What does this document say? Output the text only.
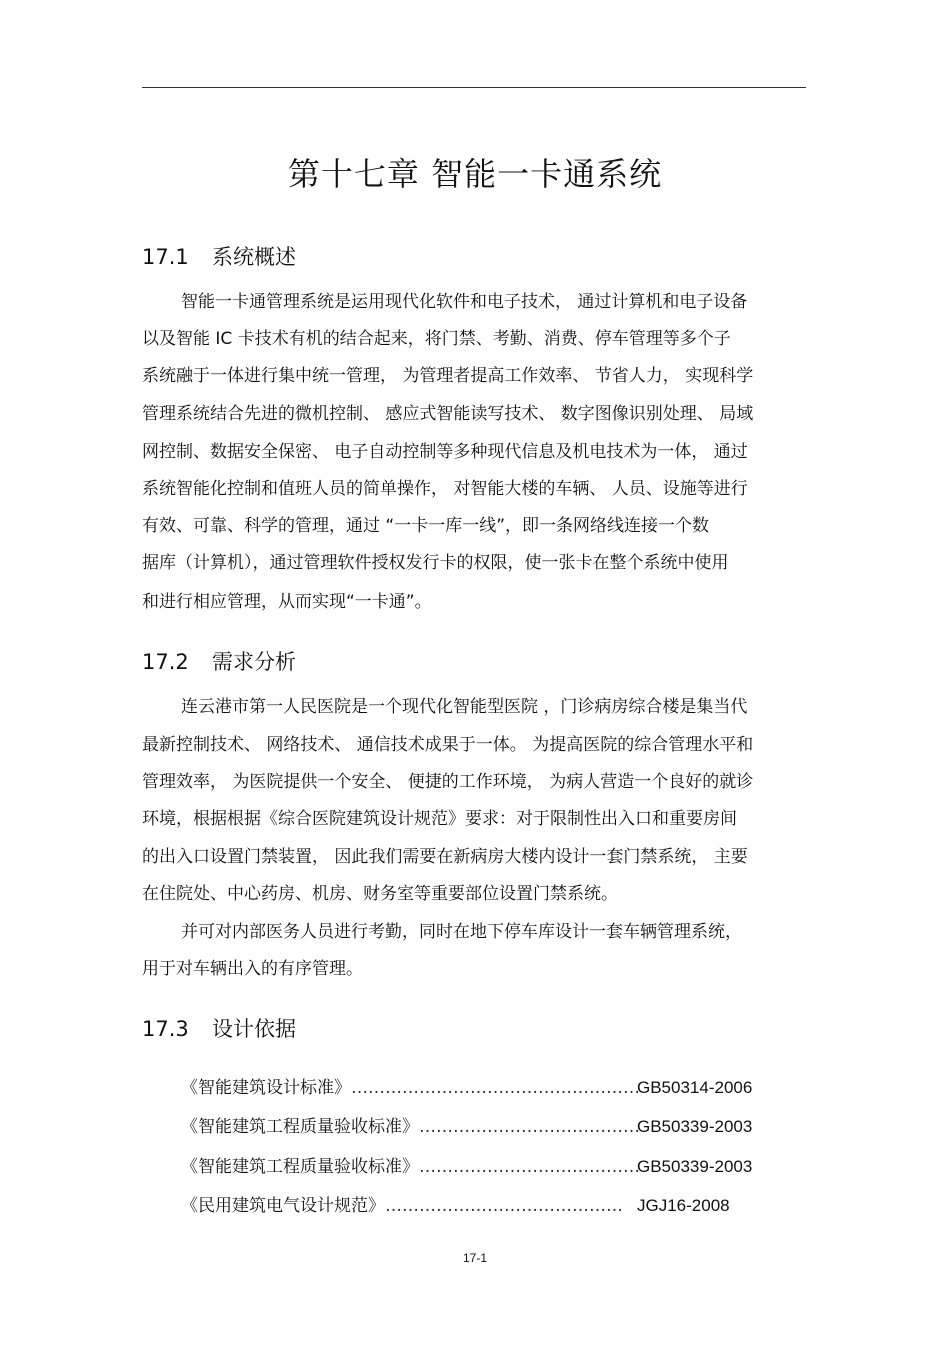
第十七章 智能一卡通系统
17.1 系统概述
智能一卡通管理系统是运用现代化软件和电子技术， 通过计算机和电子设备
以及智能 IC 卡技术有机的结合起来，将门禁、考勤、消费、停车管理等多个子
系统融于一体进行集中统一管理， 为管理者提高工作效率、 节省人力， 实现科学
管理系统结合先进的微机控制、 感应式智能读写技术、 数字图像识别处理、 局域
网控制、数据安全保密、 电子自动控制等多种现代信息及机电技术为一体， 通过
系统智能化控制和值班人员的简单操作， 对智能大楼的车辆、 人员、设施等进行
有效、可靠、科学的管理，通过 “一卡一库一线”，即一条网络线连接一个数
据库（计算机），通过管理软件授权发行卡的权限，使一张卡在整个系统中使用
和进行相应管理，从而实现“一卡通”。
17.2 需求分析
连云港市第一人民医院是一个现代化智能型医院 ，门诊病房综合楼是集当代
最新控制技术、 网络技术、 通信技术成果于一体。 为提高医院的综合管理水平和
管理效率， 为医院提供一个安全、 便捷的工作环境， 为病人营造一个良好的就诊
环境，根据根据《综合医院建筑设计规范》要求：对于限制性出入口和重要房间
的出入口设置门禁装置， 因此我们需要在新病房大楼内设计一套门禁系统， 主要
在住院处、中心药房、机房、财务室等重要部位设置门禁系统。
并可对内部医务人员进行考勤，同时在地下停车库设计一套车辆管理系统，
用于对车辆出入的有序管理。
17.3 设计依据
《智能建筑设计标准》……………………………………………
GB50314-2006
《智能建筑工程质量验收标准》…………………………………
GB50339-2003
《智能建筑工程质量验收标准》…………………………………
GB50339-2003
《民用建筑电气设计规范》…………………………………… JGJ16-2008
17-1
